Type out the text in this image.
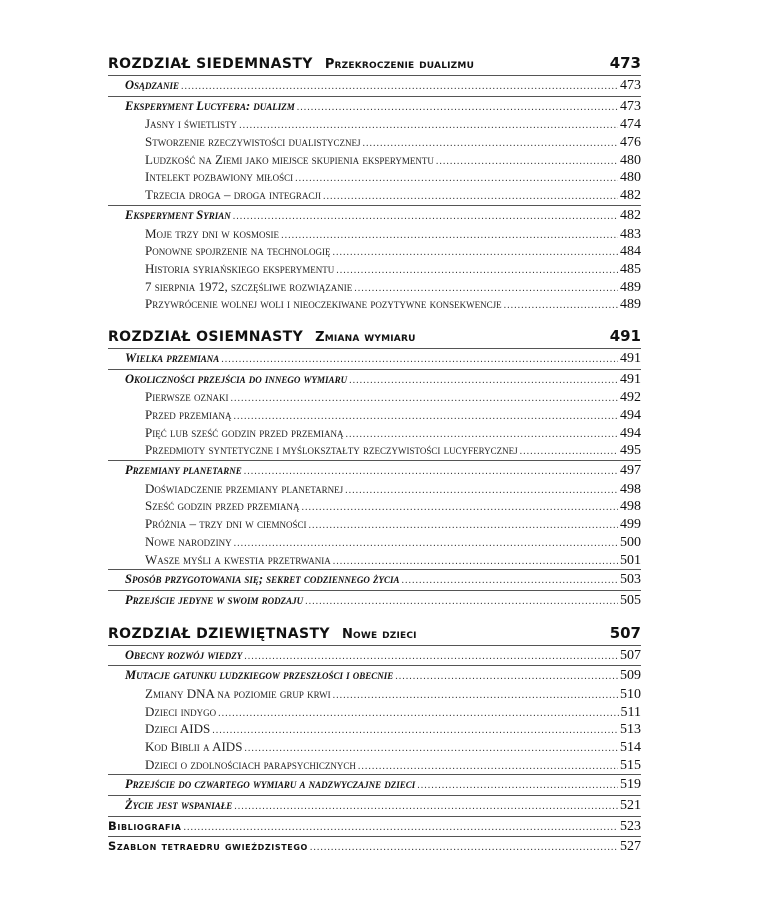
ROZDZIAŁ SIEDEMNASTY Przekroczenie dualizmu	473
Osądzanie .....	473
Eksperyment Lucyfera: dualizm .....	473
Jasny i świetlisty .....	474
Stworzenie rzeczywistości dualistycznej .....	476
Ludzkość na Ziemi jako miejsce skupienia eksperymentu .....	480
Intelekt pozbawiony miłości .....	480
Trzecia droga – droga integracji .....	482
Eksperyment Syrian .....	482
Moje trzy dni w kosmosie .....	483
Ponowne spojrzenie na technologię .....	484
Historia syriańskiego eksperymentu .....	485
7 sierpnia 1972, szczęśliwe rozwiązanie .....	489
Przywrócenie wolnej woli i nieoczekiwane pozytywne konsekwencje .....	489
ROZDZIAŁ OSIEMNASTY Zmiana wymiaru	491
Wielka przemiana .....	491
Okoliczności przejścia do innego wymiaru .....	491
Pierwsze oznaki .....	492
Przed przemianą .....	494
Pięć lub sześć godzin przed przemianą .....	494
Przedmioty syntetyczne i myślokształty rzeczywistości lucyferycznej .....	495
Przemiany planetarne .....	497
Doświadczenie przemiany planetarnej .....	498
Sześć godzin przed przemianą .....	498
Próżnia – trzy dni w ciemności .....	499
Nowe narodziny .....	500
Wasze myśli a kwestia przetrwania .....	501
Sposób przygotowania się; sekret codziennego życia .....	503
Przejście jedyne w swoim rodzaju .....	505
ROZDZIAŁ DZIEWIĘTNASTY Nowe dzieci	507
Obecny rozwój wiedzy .....	507
Mutacje gatunku ludzkiegow przeszłości i obecnie .....	509
Zmiany DNA na poziomie grup krwi .....	510
Dzieci indygo .....	511
Dzieci AIDS .....	513
Kod Biblii a AIDS .....	514
Dzieci o zdolnościach parapsychicznych .....	515
Przejście do czwartego wymiaru a nadzwyczajne dzieci .....	519
Życie jest wspaniałe .....	521
Bibliografia .....	523
Szablon tetraedru gwieździstego .....	527
